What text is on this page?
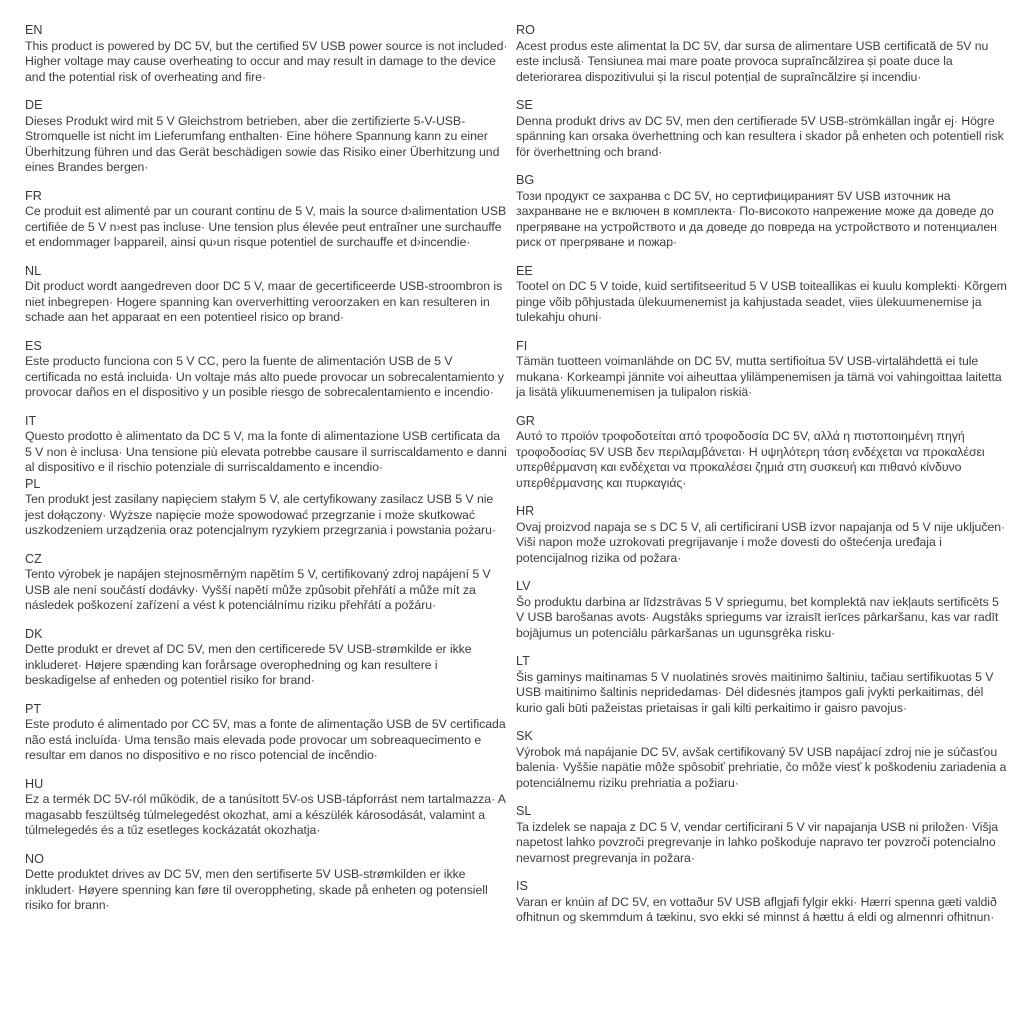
EN

This product is powered by DC 5V, but the certified 5V USB power source is not included· Higher voltage may cause overheating to occur and may result in damage to the device and the potential risk of overheating and fire·

DE

Dieses Produkt wird mit 5 V Gleichstrom betrieben, aber die zertifizierte 5-V-USB-Stromquelle ist nicht im Lieferumfang enthalten· Eine höhere Spannung kann zu einer Überhitzung führen und das Gerät beschädigen sowie das Risiko einer Überhitzung und eines Brandes bergen·

FR

Ce produit est alimenté par un courant continu de 5 V, mais la source d›alimentation USB certifiée de 5 V n›est pas incluse· Une tension plus élevée peut entraîner une surchauffe et endommager l›appareil, ainsi qu›un risque potentiel de surchauffe et d›incendie·

NL

Dit product wordt aangedreven door DC 5 V, maar de gecertificeerde USB-stroombron is niet inbegrepen· Hogere spanning kan oververhitting veroorzaken en kan resulteren in schade aan het apparaat en een potentieel risico op brand·

ES

Este producto funciona con 5 V CC, pero la fuente de alimentación USB de 5 V certificada no está incluida· Un voltaje más alto puede provocar un sobrecalentamiento y provocar daños en el dispositivo y un posible riesgo de sobrecalentamiento e incendio·

IT

Questo prodotto è alimentato da DC 5 V, ma la fonte di alimentazione USB certificata da 5 V non è inclusa· Una tensione più elevata potrebbe causare il surriscaldamento e danni al dispositivo e il rischio potenziale di surriscaldamento e incendio·

PL

Ten produkt jest zasilany napięciem stałym 5 V, ale certyfikowany zasilacz USB 5 V nie jest dołączony· Wyższe napięcie może spowodować przegrzanie i może skutkować uszkodzeniem urządzenia oraz potencjalnym ryzykiem przegrzania i powstania pożaru·

CZ

Tento výrobek je napájen stejnosměrným napětím 5 V, certifikovaný zdroj napájení 5 V USB ale není součástí dodávky· Vyšší napětí může způsobit přehřátí a může mít za následek poškození zařízení a vést k potenciálnímu riziku přehřátí a požáru·

DK

Dette produkt er drevet af DC 5V, men den certificerede 5V USB-strømkilde er ikke inkluderet· Højere spænding kan forårsage overophedning og kan resultere i beskadigelse af enheden og potentiel risiko for brand·

PT

Este produto é alimentado por CC 5V, mas a fonte de alimentação USB de 5V certificada não está incluída· Uma tensão mais elevada pode provocar um sobreaquecimento e resultar em danos no dispositivo e no risco potencial de incêndio·

HU

Ez a termék DC 5V-ról működik, de a tanúsított 5V-os USB-tápforrást nem tartalmazza· A magasabb feszültség túlmelegedést okozhat, ami a készülék károsodását, valamint a túlmelegedés és a tűz esetleges kockázatát okozhatja·

NO

Dette produktet drives av DC 5V, men den sertifiserte 5V USB-strømkilden er ikke inkludert· Høyere spenning kan føre til overoppheting, skade på enheten og potensiell risiko for brann·

RO

Acest produs este alimentat la DC 5V, dar sursa de alimentare USB certificată de 5V nu este inclusă· Tensiunea mai mare poate provoca supraîncălzirea și poate duce la deteriorarea dispozitivului și la riscul potențial de supraîncălzire și incendiu·

SE

Denna produkt drivs av DC 5V, men den certifierade 5V USB-strömkällan ingår ej· Högre spänning kan orsaka överhettning och kan resultera i skador på enheten och potentiell risk för överhettning och brand·

BG

Този продукт се захранва с DC 5V, но сертифицираният 5V USB източник на захранване не е включен в комплекта· По-високото напрежение може да доведе до прегряване на устройството и да доведе до повреда на устройството и потенциален риск от прегряване и пожар·

EE

Tootel on DC 5 V toide, kuid sertifitseeritud 5 V USB toiteallikas ei kuulu komplekti· Kõrgem pinge võib põhjustada ülekuumenemist ja kahjustada seadet, viies ülekuumenemise ja tulekahju ohuni·

FI

Tämän tuotteen voimanlähde on DC 5V, mutta sertifioitua 5V USB-virtalähdettä ei tule mukana· Korkeampi jännite voi aiheuttaa ylilämpenemisen ja tämä voi vahingoittaa laitetta ja lisätä ylikuumenemisen ja tulipalon riskiä·

GR

Αυτό το προϊόν τροφοδοτείται από τροφοδοσία DC 5V, αλλά η πιστοποιημένη πηγή τροφοδοσίας 5V USB δεν περιλαμβάνεται· Η υψηλότερη τάση ενδέχεται να προκαλέσει υπερθέρμανση και ενδέχεται να προκαλέσει ζημιά στη συσκευή και πιθανό κίνδυνο υπερθέρμανσης και πυρκαγιάς·

HR

Ovaj proizvod napaja se s DC 5 V, ali certificirani USB izvor napajanja od 5 V nije uključen· Viši napon može uzrokovati pregrijavanje i može dovesti do oštećenja uređaja i potencijalnog rizika od požara·

LV

Šo produktu darbina ar līdzstrāvas 5 V spriegumu, bet komplektā nav iekļauts sertificēts 5 V USB barošanas avots· Augstāks spriegums var izraisīt ierīces pārkaršanu, kas var radīt bojājumus un potenciālu pārkaršanas un ugunsgrēka risku·

LT

Šis gaminys maitinamas 5 V nuolatinės srovės maitinimo šaltiniu, tačiau sertifikuotas 5 V USB maitinimo šaltinis nepridedamas· Dėl didesnės įtampos gali įvykti perkaitimas, dėl kurio gali būti pažeistas prietaisas ir gali kilti perkaitimo ir gaisro pavojus·

SK

Výrobok má napájanie DC 5V, avšak certifikovaný 5V USB napájací zdroj nie je súčasťou balenia· Vyššie napätie môže spôsobiť prehriatie, čo môže viesť k poškodeniu zariadenia a potenciálnemu riziku prehriatia a požiaru·

SL

Ta izdelek se napaja z DC 5 V, vendar certificirani 5 V vir napajanja USB ni priložen· Višja napetost lahko povzroči pregrevanje in lahko poškoduje napravo ter povzroči potencialno nevarnost pregrevanja in požara·

IS

Varan er knúin af DC 5V, en vottaður 5V USB aflgjafi fylgir ekki· Hærri spenna gæti valdið ofhitnun og skemmdum á tækinu, svo ekki sé minnst á hættu á eldi og almennri ofhitnun·
